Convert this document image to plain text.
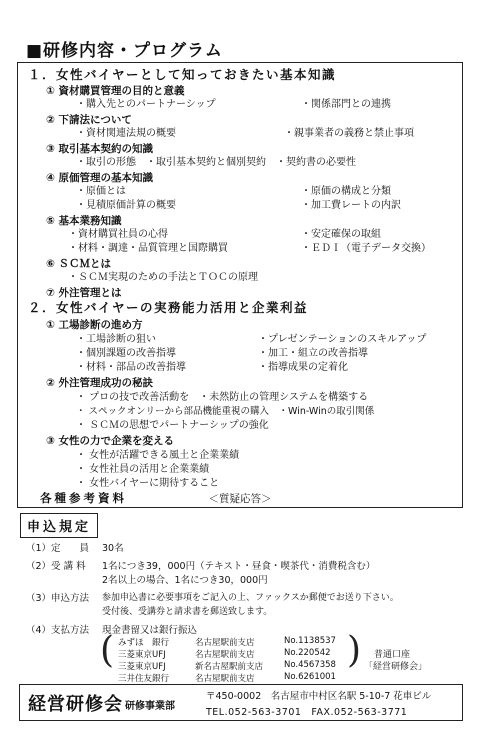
■研修内容・プログラム
１．女性バイヤーとして知っておきたい基本知識
① 資材購買管理の目的と意義
・購入先とのパートナーシップ	・関係部門との連携
② 下請法について
・資材関連法規の概要	・親事業者の義務と禁止事項
③ 取引基本契約の知識
・取引の形態　・取引基本契約と個別契約　・契約書の必要性
④ 原価管理の基本知識
・原価とは	・原価の構成と分類
・見積原価計算の概要	・加工費レートの内訳
⑤ 基本業務知識
・資材購買社員の心得	・安定確保の取組
・材料・調達・品質管理と国際購買	・ＥＤＩ（電子データ交換）
⑥ ＳＣＭとは
・ＳＣＭ実現のための手法とＴＯＣの原理
⑦ 外注管理とは
２．女性バイヤーの実務能力活用と企業利益
① 工場診断の進め方
・工場診断の狙い	・プレゼンテーションのスキルアップ
・個別課題の改善指導	・加工・組立の改善指導
・材料・部品の改善指導	・指導成果の定着化
② 外注管理成功の秘訣
・ プロの技で改善活動を　・未然防止の管理システムを構築する
・ スペックオンリーから部品機能重視の購入　・Win-Winの取引関係
・ ＳＣＭの思想でパートナーシップの強化
③ 女性の力で企業を変える
・ 女性が活躍できる風土と企業業績
・ 女性社員の活用と企業業績
・ 女性バイヤーに期待すること
各種参考資料	＜質疑応答＞
申込規定
（1）定　　員 30名
（2）受 講 料 1名につき39，000円（テキスト・昼食・喫茶代・消費税含む）
2名以上の場合、1名につき30，000円
（3）申込方法 参加申込書に必要事項をご記入の上、ファックスか郵便でお送り下さい。
受付後、受講券と請求書を郵送致します。
（4）支払方法 現金書留又は銀行振込
(	)
みずほ　銀行	名古屋駅前支店	No.1138537
三菱東京UFJ	名古屋駅前支店	No.220542
三菱東京UFJ	新名古屋駅前支店 No.4567358
三井住友銀行	名古屋駅前支店	No.6261001
普通口座
「経営研修会」
経営研修会 研修事業部
〒450-0002　名古屋市中村区名駅 5-10-7 花車ビル
TEL.052-563-3701　FAX.052-563-3771
